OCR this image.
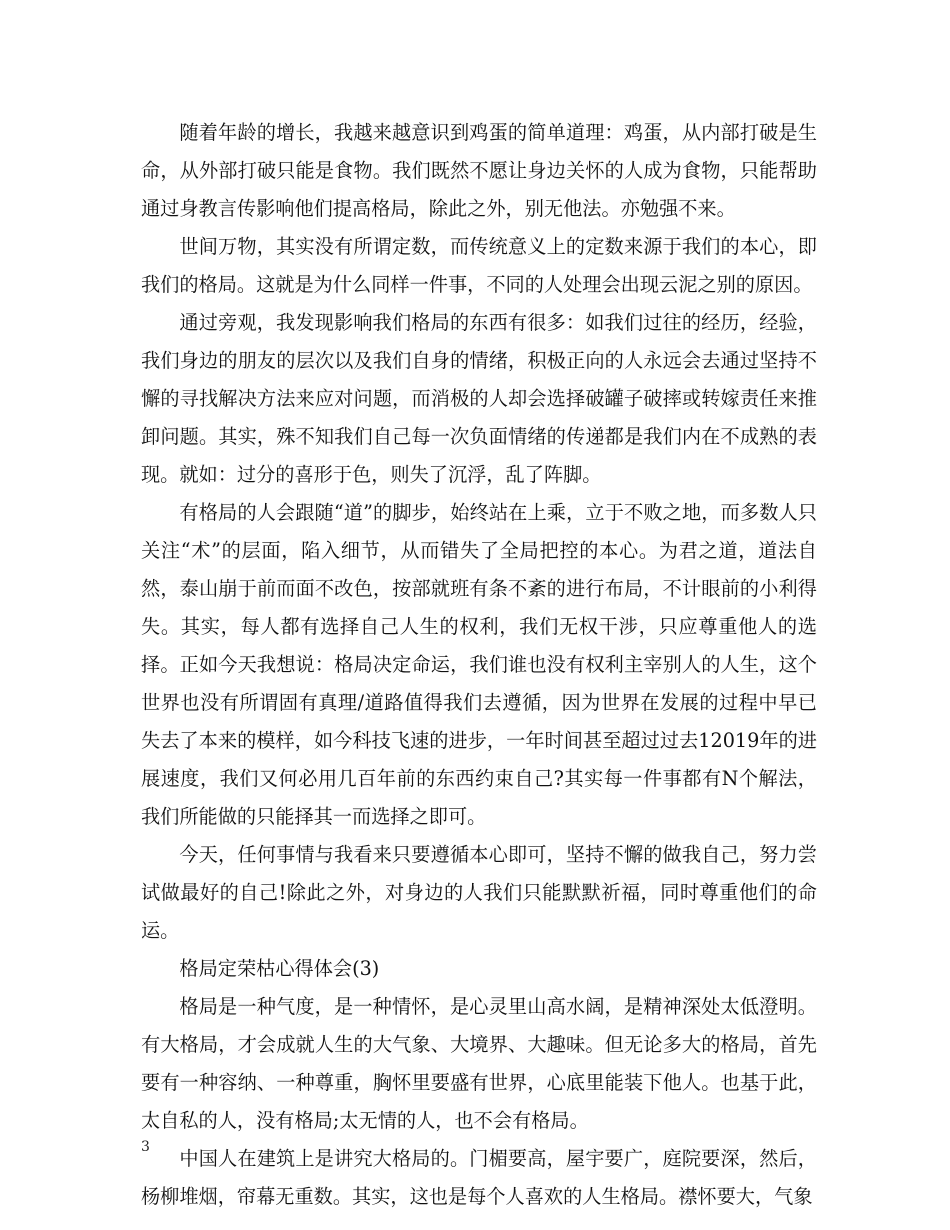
随着年龄的增长，我越来越意识到鸡蛋的简单道理：鸡蛋，从内部打破是生命，从外部打破只能是食物。我们既然不愿让身边关怀的人成为食物，只能帮助通过身教言传影响他们提高格局，除此之外，别无他法。亦勉强不来。

世间万物，其实没有所谓定数，而传统意义上的定数来源于我们的本心，即我们的格局。这就是为什么同样一件事，不同的人处理会出现云泥之别的原因。

通过旁观，我发现影响我们格局的东西有很多：如我们过往的经历，经验，我们身边的朋友的层次以及我们自身的情绪，积极正向的人永远会去通过坚持不懈的寻找解决方法来应对问题，而消极的人却会选择破罐子破摔或转嫁责任来推卸问题。其实，殊不知我们自己每一次负面情绪的传递都是我们内在不成熟的表现。就如：过分的喜形于色，则失了沉浮，乱了阵脚。

有格局的人会跟随“道”的脚步，始终站在上乘，立于不败之地，而多数人只关注“术”的层面，陷入细节，从而错失了全局把控的本心。为君之道，道法自然，泰山崩于前而面不改色，按部就班有条不紊的进行布局，不计眼前的小利得失。其实，每人都有选择自己人生的权利，我们无权干涉，只应尊重他人的选择。正如今天我想说：格局决定命运，我们谁也没有权利主宰别人的人生，这个世界也没有所谓固有真理/道路值得我们去遵循，因为世界在发展的过程中早已失去了本来的模样，如今科技飞速的进步，一年时间甚至超过过去12019年的进展速度，我们又何必用几百年前的东西约束自己?其实每一件事都有N个解法，我们所能做的只能择其一而选择之即可。

今天，任何事情与我看来只要遵循本心即可，坚持不懈的做我自己，努力尝试做最好的自己!除此之外，对身边的人我们只能默默祈福，同时尊重他们的命运。

格局定荣枯心得体会(3)

格局是一种气度，是一种情怀，是心灵里山高水阔，是精神深处太低澄明。有大格局，才会成就人生的大气象、大境界、大趣味。但无论多大的格局，首先要有一种容纳、一种尊重，胸怀里要盛有世界，心底里能装下他人。也基于此，太自私的人，没有格局;太无情的人，也不会有格局。

中国人在建筑上是讲究大格局的。门楣要高，屋宇要广，庭院要深，然后，杨柳堆烟，帘幕无重数。其实，这也是每个人喜欢的人生格局。襟怀要大，气象

3
